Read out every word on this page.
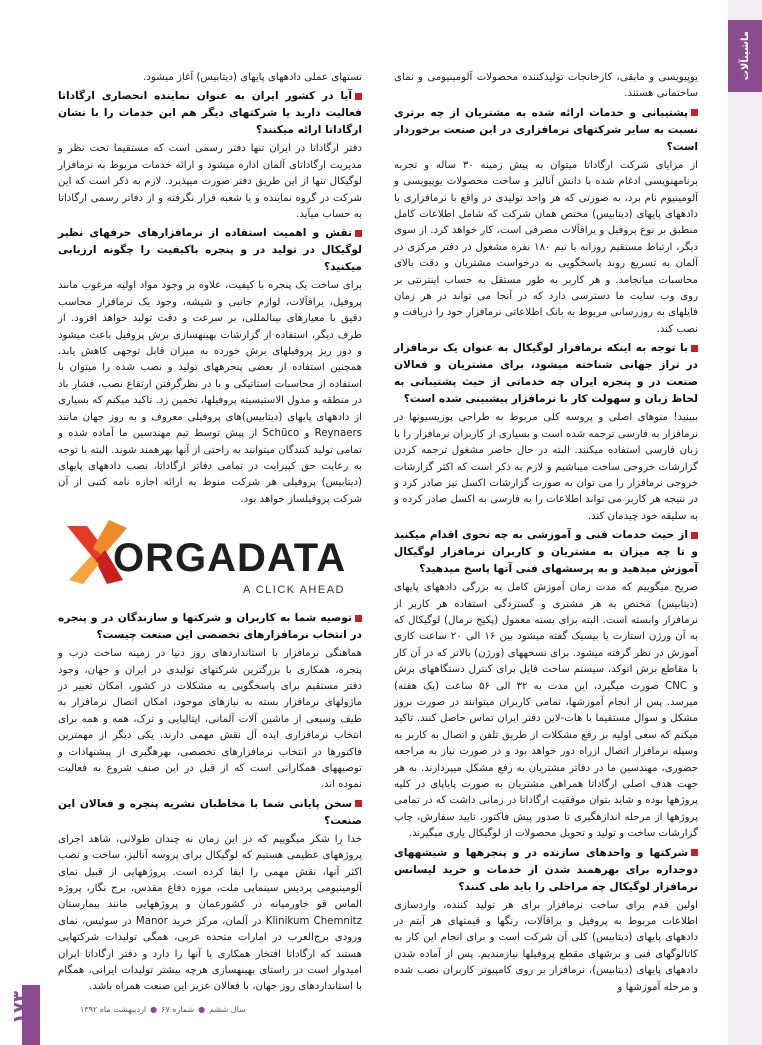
ماشینآلات

یوپیویسی و مابقی، کارخانجات تولیدکننده محصولات آلومینیومی و نمای ساختمانی هستند.

پشتیبانی و خدمات ارائه شده به مشتریان از چه برتری نسبت به سایر شرکتهای نرمافزاری در این صنعت برخوردار است؟

از مزایای شرکت ارگاداتا میتوان به پیش زمینه ۳۰ ساله و تجربه برنامهنویسی ادغام شده با دانش آنالیز و ساخت محصولات یوپیویسی و آلومینیوم نام برد، به صورتی که هر واحد تولیدی در واقع با نرمافزاری با دادههای پایهای (دیتابیس) مختص همان شرکت که شامل اطلاعات کامل منطبق بر نوع پروفیل و یراقآلات مصرفی است، کار خواهد کرد. از سوی دیگر، ارتباط مستقیم روزانه با تیم ۱۸۰ نفره مشغول در دفتر مرکزی در آلمان به تسریع روند پاسخگویی به درخواست مشتریان و دقت بالای محاسبات میانجامد. و هر کاربر به طور مستقل به حساب اینترنتی بر روی وب سایت ما دسترسی دارد که در آنجا می تواند در هر زمان فایلهای به روزرسانی مربوط به بانک اطلاعاتی نرمافزار خود را دریافت و نصب کند.

با توجه به اینکه نرمافزار لوگیکال به عنوان یک نرمافزار در تراز جهانی شناخته میشود، برای مشتریان و فعالان صنعت در و پنجره ایران چه خدماتی از حیث پشتیبانی به لحاظ زبان و سهولت کار با نرمافزار پیشبینی شده است؟

ببینید! منوهای اصلی و پروسه کلی مربوط به طراحی پوزیسیونها در نرمافزار به فارسی ترجمه شده است و بسیاری از کاربران نرمافزار را با زبان فارسی استفاده میکنند. البته در حال حاضر مشغول ترجمه کردن گزارشات خروجی ساخت میباشیم و لازم به ذکر است که اکثر گزارشات خروجی نرمافزار را می توان به صورت گزارشات اکسل نیز صادر کرد و در نتیجه هر کاربر می تواند اطلاعات را به فارسی به اکسل صادر کرده و به سلیقه خود چیدمان کند.

از حیث خدمات فنی و آموزشی به چه نحوی اقدام میکنید و تا چه میزان به مشتریان و کاربران نرمافزار لوگیکال آموزش میدهید و به پرسشهای فنی آنها پاسخ میدهید؟

صریح میگوییم که مدت زمان آموزش کامل به بزرگی دادههای پایهای (دیتابیس) مختص به هر مشتری و گستردگی استفاده هر کاربر از نرمافزار وابسته است. البته برای بسته معمول (پکیج نرمال) لوگیکال که به آن ورژن استارت یا بیسیک گفته میشود بین ۱۶ الی ۲۰ ساعت کاری آموزش در نظر گرفته میشود. برای نسخههای (ورژن) بالاتر که در آن کار با مقاطع برش اتوکد، سیستم ساخت فایل برای کنترل دستگاههای برش و CNC صورت میگیرد، این مدت به ۳۲ الی ۵۶ ساعت (یک هفته) میرسد. پس از انجام آموزشها، تمامی کاربران میتوانند در صورت بروز مشکل و سوال مستقیما با هات-لاین دفتر ایران تماس حاصل کنند. تاکید میکنم که سعی اولیه بر رفع مشکلات از طریق تلفن و اتصال به کاربر به وسیله نرمافزار اتصال ازراه دور خواهد بود و در صورت نیاز به مراجعه حضوری، مهندسین ما در دفاتر مشتریان به رفع مشکل میپردازند. به هر جهت هدف اصلی ارگاداتا همراهی مشتریان به صورت پایاپای در کلیه پروژهها بوده و شاید بتوان موفقیت ارگاداتا در زمانی داشت که در تمامی پروژهها از مرحله اندازهگیری تا صدور پیش فاکتور، تایید سفارش، چاپ گزارشات ساخت و تولید و تحویل محصولات از لوگیکال یاری میگیرند.

شرکتها و واحدهای سازنده در و پنجرهها و شیشههای دوجداره برای بهرهمند شدن از خدمات و خرید لیسانس نرمافزار لوگیکال چه مراحلی را باید طی کنند؟

اولین قدم برای ساخت نرمافزار برای هر تولید کننده، واردسازی اطلاعات مربوط به پروفیل و یراقآلات، رنگها و قیمتهای هر آیتم در دادههای پایهای (دیتابیس) کلی آن شرکت است و برای انجام این کار به کاتالوگهای فنی و برشهای مقطع پروفیلها نیازمندیم. پس از آماده شدن دادههای پایهای (دیتابیس)، نرمافزار بر روی کامپیوتر کاربران نصب شده و مرحله آموزشها و

تستهای عملی دادههای پایهای (دیتابیس) آغاز میشود.

آیا در کشور ایران به عنوان نماینده انحصاری ارگاداتا فعالیت دارید یا شرکتهای دیگر هم این خدمات را با نشان ارگاداتا ارائه میکنند؟

دفتر ارگاداتا در ایران تنها دفتر رسمی است که مستقیما تحت نظر و مدیریت ارگاداتای آلمان اداره میشود و ارائه خدمات مربوط به نرمافزار لوگیکال تنها از این طریق دفتر صورت میپذیرد. لازم به ذکر است که این شرکت در گروه نماینده و یا شعبه قرار نگرفته و از دفاتر رسمی ارگاداتا به حساب میآید.

نقش و اهمیت استفاده از نرمافزارهای حرفهای نظیر لوگیکال در تولید در و پنجره باکیفیت را چگونه ارزیابی میکنید؟

برای ساخت یک پنجره با کیفیت، علاوه بر وجود مواد اولیه مرغوب مانند پروفیل، یراقآلات، لوازم جانبی و شیشه، وجود یک نرمافزار محاسب دقیق با معیارهای بینالمللی، بر سرعت و دقت تولید خواهد افزود. از طرف دیگر، استفاده از گزارشات بهینهسازی برش پروفیل باعث میشود و دور ریز پروفیلهای برش خورده به میزان قابل توجهی کاهش یابد. همچنین استفاده از بعضی پنجرههای تولید و نصب شده را میتوان با استفاده از محاسبات استاتیکی و با در نظرگرفتن ارتفاع نصب، فشار باد در منطقه و مدول الاستیسیته پروفیلها، تخمین زد. تاکید میکنم که بسیاری از دادههای پایهای (دیتابیس)های پروفیلی معروف و به روز جهان مانند Reynaers و Schüco از پیش توسط تیم مهندسین ما آماده شده و تمامی تولید کنندگان میتوانند به راحتی از آنها بهرهمند شوند. البته با توجه به رعایت حق کپیرایت در تمامی دفاتر ارگاداتا، نصب دادههای پایهای (دیتابیس) پروفیلی هر شرکت منوط به ارائه اجازه نامه کتبی از آن شرکت پروفیلساز خواهد بود.

ORGADATA
A CLICK AHEAD

توصیه شما به کاربران و شرکتها و سازندگان در و پنجره در انتخاب نرمافزارهای تخصصی این صنعت چیست؟

هماهنگی نرمافزار با استانداردهای روز دنیا در زمینه ساخت درب و پنجره، همکاری با بزرگترین شرکتهای تولیدی در ایران و جهان، وجود دفتر مستقیم برای پاسخگویی به مشکلات در کشور، امکان تغییر در ماژولهای نرمافزار بسته به نیازهای موجود، امکان اتصال نرمافزار به طیف وسیعی از ماشین آلات آلمانی، ایتالیایی و ترک، همه و همه برای انتخاب نرمافزاری ایده آل نقش مهمی دارند. یکی دیگر از مهمترین فاکتورها در انتخاب نرمافزارهای تخصصی، بهرهگیری از پیشنهادات و توصیههای همکارانی است که از قبل در این صنف شروع به فعالیت نموده اند.

سخن پایانی شما با مخاطبان نشریه پنجره و فعالان این صنعت؟

خدا را شکر میگوییم که در این زمان نه چندان طولانی، شاهد اجرای پروژههای عظیمی هستیم که لوگیکال برای پروسه آنالیز، ساخت و نصب اکثر آنها، نقش مهمی را ایفا کرده است. پروژههایی از قبیل نمای آلومینیومی پردیس سینمایی ملت، موزه دفاع مقدس، برج نگار، پروژه الماس قو خاورمیانه در کشورعمان و پروژههایی مانند بیمارستان Klinikum Chemnitz در آلمان، مرکز خرید Manor در سوئیس، نمای ورودی برج‌العرب در امارات متحده عربی، همگی تولیدات شرکتهایی هستند که ارگاداتا افتخار همکاری با آنها را دارد و دفتر ارگاداتا ایران امیدوار است در راستای بهینهسازی هرچه بیشتر تولیدات ایرانی، همگام با استانداردهای روز جهان، با فعالان عزیز این صنعت همراه باشد.

۱۷۳	سال ششم●شماره ۶۷●اردیبهشت ماه ۱۳۹۲
